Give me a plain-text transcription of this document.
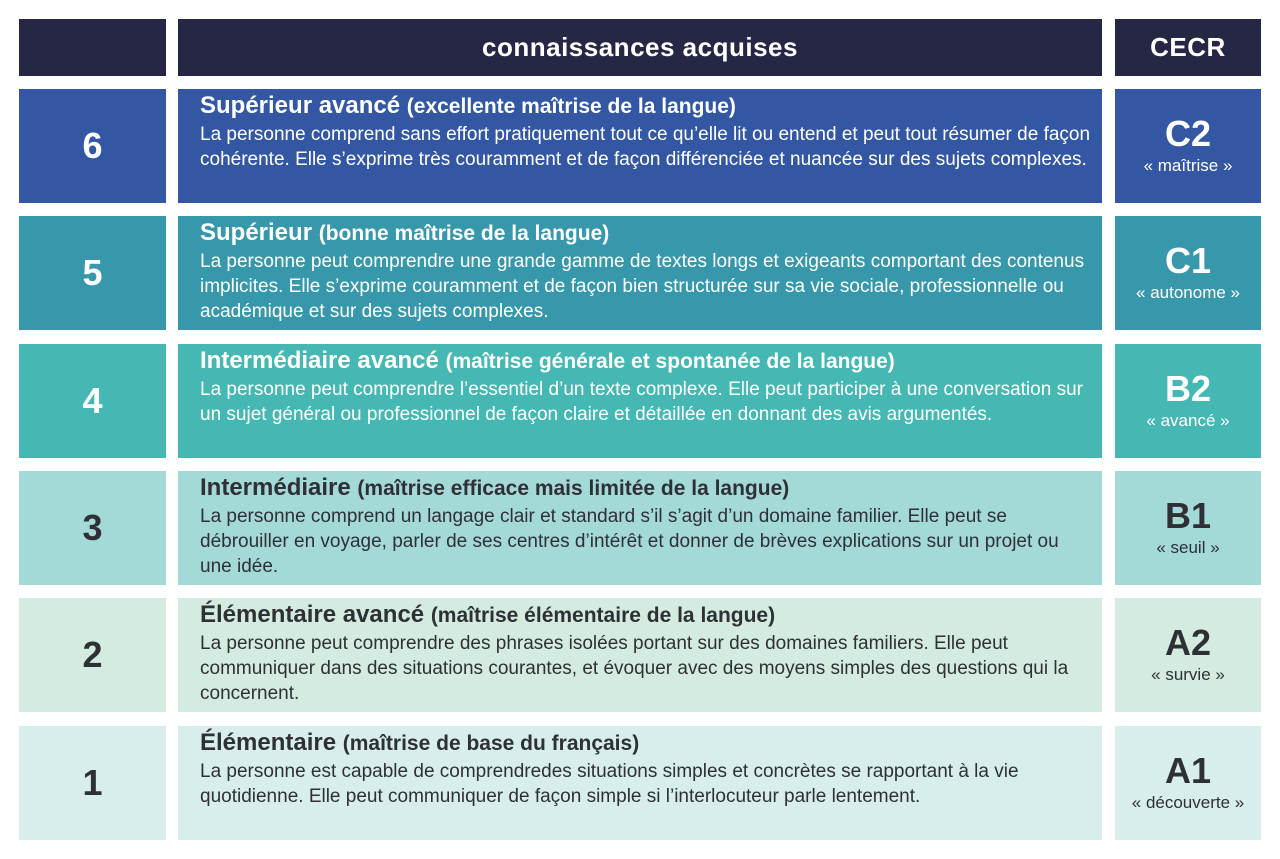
connaissances acquises	CECR
6
Supérieur avancé (excellente maîtrise de la langue)

La personne comprend sans effort pratiquement tout ce qu’elle lit ou entend et peut tout résumer de façon cohérente. Elle s’exprime très couramment et de façon différenciée et nuancée sur des sujets complexes.

C2
« maîtrise »
5
Supérieur (bonne maîtrise de la langue)

La personne peut comprendre une grande gamme de textes longs et exigeants comportant des contenus implicites. Elle s’exprime couramment et de façon bien structurée sur sa vie sociale, professionnelle ou académique et sur des sujets complexes.

C1
« autonome »
4
Intermédiaire avancé (maîtrise générale et spontanée de la langue)

La personne peut comprendre l’essentiel d’un texte complexe. Elle peut participer à une conversation sur un sujet général ou professionnel de façon claire et détaillée en donnant des avis argumentés.

B2
« avancé »
3
Intermédiaire (maîtrise efficace mais limitée de la langue)

La personne comprend un langage clair et standard s’il s’agit d’un domaine familier. Elle peut se débrouiller en voyage, parler de ses centres d’intérêt et donner de brèves explications sur un projet ou une idée.

B1
« seuil »
2
Élémentaire avancé (maîtrise élémentaire de la langue)

La personne peut comprendre des phrases isolées portant sur des domaines familiers. Elle peut communiquer dans des situations courantes, et évoquer avec des moyens simples des questions qui la concernent.

A2
« survie »
1
Élémentaire (maîtrise de base du français)

La personne est capable de comprendredes situations simples et concrètes se rapportant à la vie quotidienne. Elle peut communiquer de façon simple si l’interlocuteur parle lentement.

A1
« découverte »
